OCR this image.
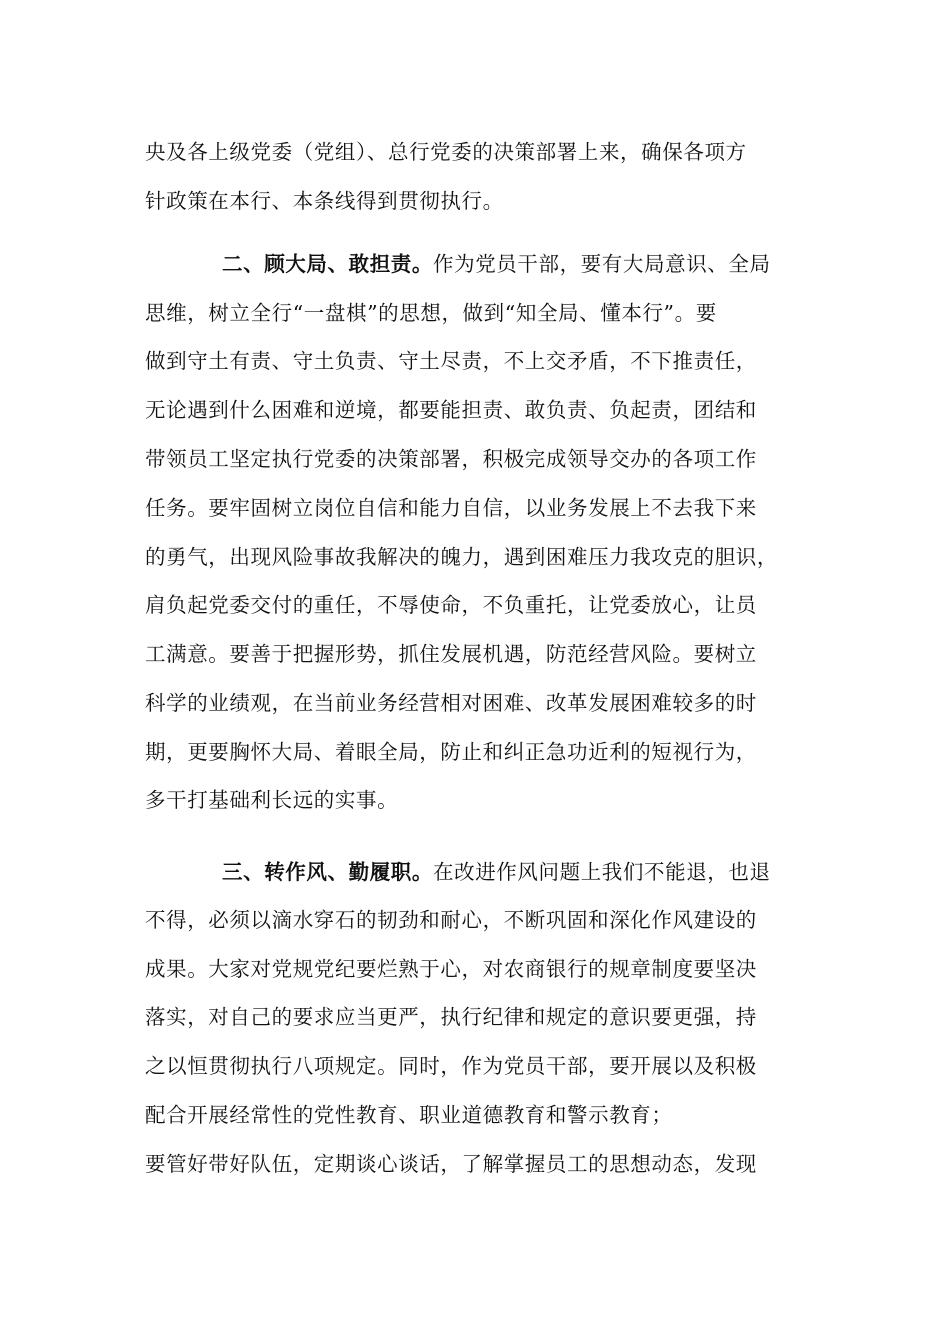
央及各上级党委（党组）、总行党委的决策部署上来，确保各项方
针政策在本行、本条线得到贯彻执行。
二、顾大局、敢担责。作为党员干部，要有大局意识、全局
思维，树立全行“一盘棋”的思想，做到“知全局、懂本行”。要
做到守土有责、守土负责、守土尽责，不上交矛盾，不下推责任，
无论遇到什么困难和逆境，都要能担责、敢负责、负起责，团结和
带领员工坚定执行党委的决策部署，积极完成领导交办的各项工作
任务。要牢固树立岗位自信和能力自信，以业务发展上不去我下来
的勇气，出现风险事故我解决的魄力，遇到困难压力我攻克的胆识，
肩负起党委交付的重任，不辱使命，不负重托，让党委放心，让员
工满意。要善于把握形势，抓住发展机遇，防范经营风险。要树立
科学的业绩观，在当前业务经营相对困难、改革发展困难较多的时
期，更要胸怀大局、着眼全局，防止和纠正急功近利的短视行为，
多干打基础利长远的实事。
三、转作风、勤履职。在改进作风问题上我们不能退，也退
不得，必须以滴水穿石的韧劲和耐心，不断巩固和深化作风建设的
成果。大家对党规党纪要烂熟于心，对农商银行的规章制度要坚决
落实，对自己的要求应当更严，执行纪律和规定的意识要更强，持
之以恒贯彻执行八项规定。同时，作为党员干部，要开展以及积极
配合开展经常性的党性教育、职业道德教育和警示教育；
要管好带好队伍，定期谈心谈话，了解掌握员工的思想动态，发现
